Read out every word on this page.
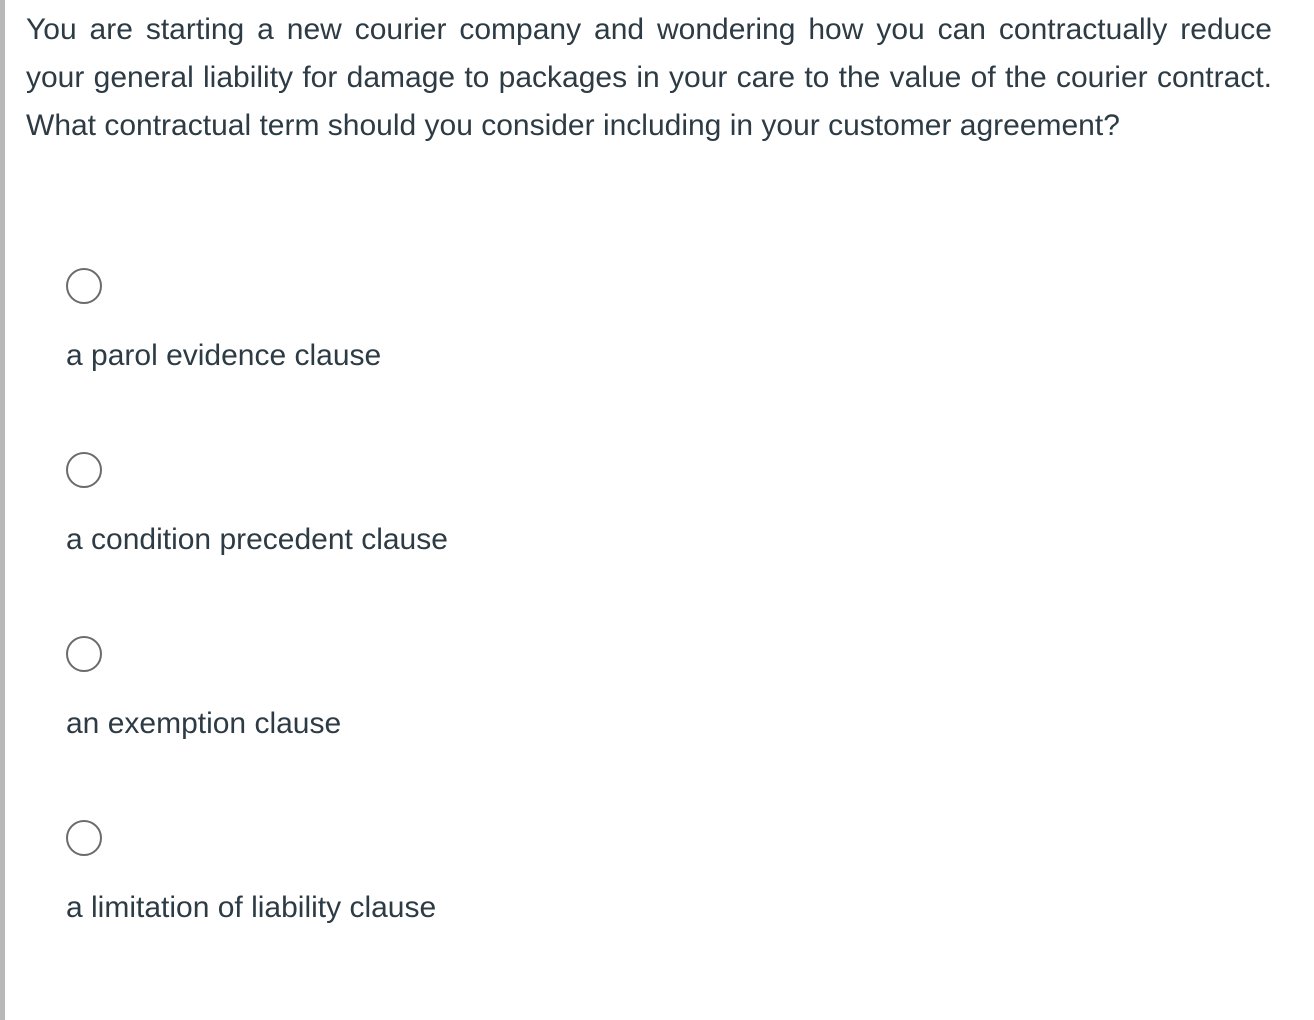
You are starting a new courier company and wondering how you can contractually reduce your general liability for damage to packages in your care to the value of the courier contract. What contractual term should you consider including in your customer agreement?

a parol evidence clause
a condition precedent clause
an exemption clause
a limitation of liability clause
